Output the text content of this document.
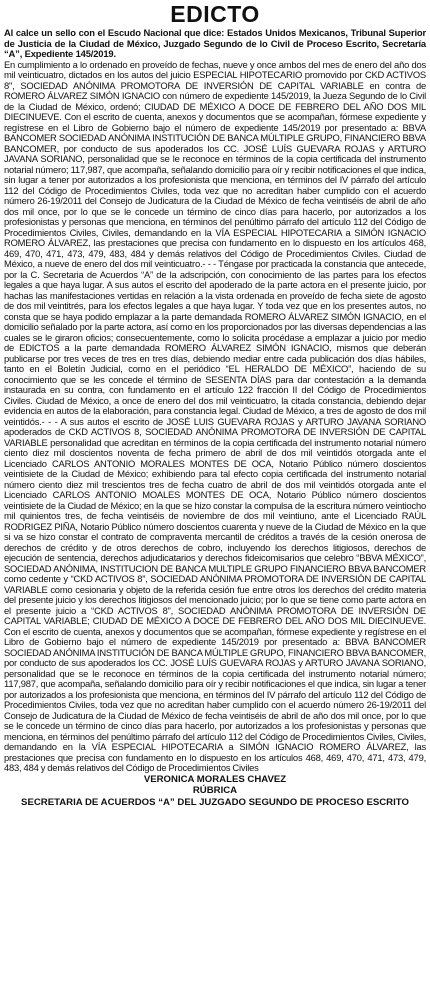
EDICTO

Al calce un sello con el Escudo Nacional que dice: Estados Unidos Mexicanos, Tribunal Superior de Justicia de la Ciudad de México, Juzgado Segundo de lo Civil de Proceso Escrito, Secretaría “A”, Expediente 145/2019.

En cumplimiento a lo ordenado en proveído de fechas, nueve y once ambos del mes de enero del año dos mil veinticuatro, dictados en los autos del juicio ESPECIAL HIPOTECARIO promovido por CKD ACTIVOS 8", SOCIEDAD ANÓNIMA PROMOTORA DE INVERSIÓN DE CAPITAL VARIABLE en contra de ROMERO ÁLVAREZ SIMÓN IGNACIO con número de expediente 145/2019, la Jueza Segundo de lo Civil de la Ciudad de México, ordenó; CIUDAD DE MÉXICO A DOCE DE FEBRERO DEL AÑO DOS MIL DIECINUEVE. Con el escrito de cuenta, anexos y documentos que se acompañan, fórmese expediente y regístrese en el Libro de Gobierno bajo el número de expediente 145/2019 por presentado a: BBVA BANCOMER SOCIEDAD ANÓNIMA INSTITUCIÓN DE BANCA MÚLTIPLE GRUPO, FINANCIERO BBVA BANCOMER, por conducto de sus apoderados los CC. JOSÉ LUÍS GUEVARA ROJAS y ARTURO JAVANA SORIANO, personalidad que se le reconoce en términos de la copia certificada del instrumento notarial número; 117,987, que acompaña, señalando domicilio para oír y recibir notificaciones el que indica, sin lugar a tener por autorizados a los profesionista que menciona, en términos del IV párrafo del artículo 112 del Código de Procedimientos Civiles, toda vez que no acreditan haber cumplido con el acuerdo número 26-19/2011 del Consejo de Judicatura de la Ciudad de México de fecha veintiséis de abril de año dos mil once, por lo que se le concede un término de cinco días para hacerlo, por autorizados a los profesionistas y personas que menciona, en términos del penúltimo párrafo del artículo 112 del Código de Procedimientos Civiles, Civiles, demandando en la VÍA ESPECIAL HIPOTECARIA a SIMÓN IGNACIO ROMERO ÁLVAREZ, las prestaciones que precisa con fundamento en lo dispuesto en los artículos 468, 469, 470, 471, 473, 479, 483, 484 y demás relativos del Código de Procedimientos Civiles. Ciudad de México, a nueve de enero del dos mil veinticuatro.- - - Téngase por practicada la constancia que antecede, por la C. Secretaria de Acuerdos “A” de la adscripción, con conocimiento de las partes para los efectos legales a que haya lugar. A sus autos el escrito del apoderado de la parte actora en el presente juicio, por hachas las manifestaciones vertidas en relación a la vista ordenada en proveído de fecha siete de agosto de dos mil veintitrés, para los efectos legales a que haya lugar. Y toda vez que en los presentes autos, no consta que se haya podido emplazar a la parte demandada ROMERO ÁLVAREZ SIMÓN IGNACIO, en el domicilio señalado por la parte actora, así como en los proporcionados por las diversas dependencias a las cuales se le giraron oficios; consecuentemente, como lo solicita procédase a emplazar a juicio por medio de EDICTOS a la parte demandada ROMERO ÁLVAREZ SIMÓN IGNACIO, mismos que deberán publicarse por tres veces de tres en tres días, debiendo mediar entre cada publicación dos días hábiles, tanto en el Boletín Judicial, como en el periódico “EL HERALDO DE MÉXICO”, haciendo de su conocimiento que se les concede el término de SESENTA DÍAS para dar contestación a la demanda instaurada en su contra, con fundamento en el artículo 122 fracción II del Código de Procedimientos Civiles. Ciudad de México, a once de enero del dos mil veinticuatro, la citada constancia, debiendo dejar evidencia en autos de la elaboración, para constancia legal. Ciudad de México, a tres de agosto de dos mil veintidós.- - - A sus autos el escrito de JOSÉ LUIS GUEVARA ROJAS y ARTURO JAVANA SORIANO apoderados de CKD ACTIVOS 8, SOCIEDAD ANÓNIMA PROMOTORA DE INVERSIÓN DE CAPITAL VARIABLE personalidad que acreditan en términos de la copia certificada del instrumento notarial número ciento diez mil doscientos noventa de fecha primero de abril de dos mil veintidós otorgada ante el Licenciado CARLOS ANTONIO MORALES MONTES DE OCA, Notario Público número doscientos veintisiete de la Ciudad de México; exhibiendo para tal efecto copia certificada del instrumento notarial número ciento diez mil trescientos tres de fecha cuatro de abril de dos mil veintidós otorgada ante el Licenciado CARLOS ANTONIO MOALES MONTES DE OCA, Notario Público número doscientos veintisiete de la Ciudad de México; en la que se hizo constar la compulsa de la escritura número veintiocho mil quinientos tres, de fecha veintiséis de noviembre de dos mil veintiuno, ante el Licenciado RAÚL RODRIGEZ PIÑA, Notario Público número doscientos cuarenta y nueve de la Ciudad de México en la que si va se hizo constar el contrato de compraventa mercantil de créditos a través de la cesión onerosa de derechos de crédito y de otros derechos de cobro, incluyendo los derechos litigiosos, derechos de ejecución de sentencia, derechos adjudicatarios y derechos fideicomisarios que celebro “BBVA MÉXICO”, SOCIEDAD ANÓNIMA, INSTITUCION DE BANCA MULTIPLE GRUPO FINANCIERO BBVA BANCOMER como cedente y “CKD ACTIVOS 8”, SOCIEDAD ANÓNIMA PROMOTORA DE INVERSIÓN DE CAPITAL VARIABLE como cesionaria y objeto de la referida cesión fue entre otros los derechos del crédito materia del presente juicio y los derechos litigiosos del mencionado juicio; por lo que se tiene como parte actora en el presente juicio a “CKD ACTIVOS 8”, SOCIEDAD ANÓNIMA PROMOTORA DE INVERSIÓN DE CAPITAL VARIABLE; CIUDAD DE MÉXICO A DOCE DE FEBRERO DEL AÑO DOS MIL DIECINUEVE. Con el escrito de cuenta, anexos y documentos que se acompañan, fórmese expediente y regístrese en el Libro de Gobierno bajo el número de expediente 145/2019 por presentado a: BBVA BANCOMER SOCIEDAD ANÓNIMA INSTITUCIÓN DE BANCA MÚLTIPLE GRUPO, FINANCIERO BBVA BANCOMER, por conducto de sus apoderados los CC. JOSÉ LUÍS GUEVARA ROJAS y ARTURO JAVANA SORIANO, personalidad que se le reconoce en términos de la copia certificada del instrumento notarial número; 117,987, que acompaña, señalando domicilio para oír y recibir notificaciones el que indica, sin lugar a tener por autorizados a los profesionista que menciona, en términos del IV párrafo del artículo 112 del Código de Procedimientos Civiles, toda vez que no acreditan haber cumplido con el acuerdo número 26-19/2011 del Consejo de Judicatura de la Ciudad de México de fecha veintiséis de abril de año dos mil once, por lo que se le concede un término de cinco días para hacerlo, por autorizados a los profesionistas y personas que menciona, en términos del penúltimo párrafo del artículo 112 del Código de Procedimientos Civiles, Civiles, demandando en la VÍA ESPECIAL HIPOTECARIA a SIMÓN IGNACIO ROMERO ÁLVAREZ, las prestaciones que precisa con fundamento en lo dispuesto en los artículos 468, 469, 470, 471, 473, 479, 483, 484 y demás relativos del Código de Procedimientos Civiles

VERONICA MORALES CHAVEZ

RÚBRICA

SECRETARIA DE ACUERDOS “A” DEL JUZGADO SEGUNDO DE PROCESO ESCRITO
